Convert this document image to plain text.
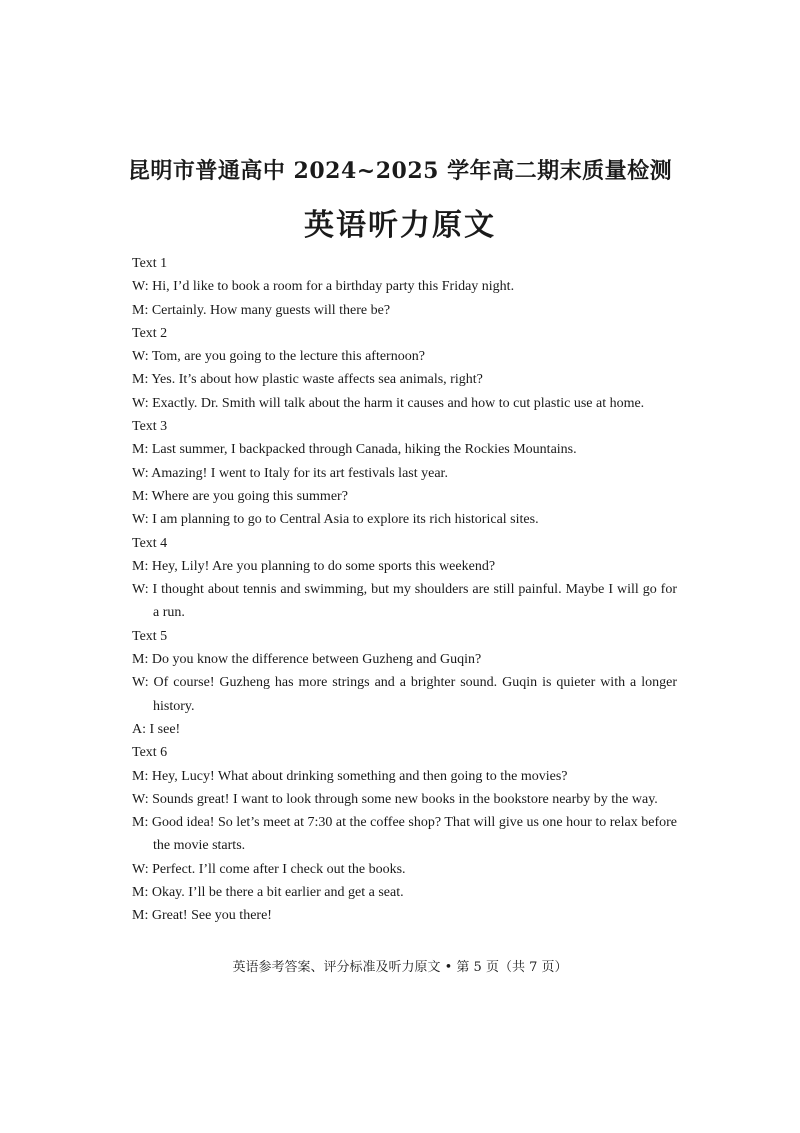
昆明市普通高中 2024~2025 学年高二期末质量检测
英语听力原文

Text 1

W: Hi, I’d like to book a room for a birthday party this Friday night.

M: Certainly. How many guests will there be?

Text 2

W: Tom, are you going to the lecture this afternoon?

M: Yes. It’s about how plastic waste affects sea animals, right?

W: Exactly. Dr. Smith will talk about the harm it causes and how to cut plastic use at home.

Text 3

M: Last summer, I backpacked through Canada, hiking the Rockies Mountains.

W: Amazing! I went to Italy for its art festivals last year.

M: Where are you going this summer?

W: I am planning to go to Central Asia to explore its rich historical sites.

Text 4

M: Hey, Lily! Are you planning to do some sports this weekend?

W: I thought about tennis and swimming, but my shoulders are still painful. Maybe I will go for a run.

Text 5

M: Do you know the difference between Guzheng and Guqin?

W: Of course! Guzheng has more strings and a brighter sound. Guqin is quieter with a longer history.

A: I see!

Text 6

M: Hey, Lucy! What about drinking something and then going to the movies?

W: Sounds great! I want to look through some new books in the bookstore nearby by the way.

M: Good idea! So let’s meet at 7:30 at the coffee shop? That will give us one hour to relax before the movie starts.

W: Perfect. I’ll come after I check out the books.

M: Okay. I’ll be there a bit earlier and get a seat.

M: Great! See you there!

英语参考答案、评分标准及听力原文 • 第 5 页（共 7 页）
